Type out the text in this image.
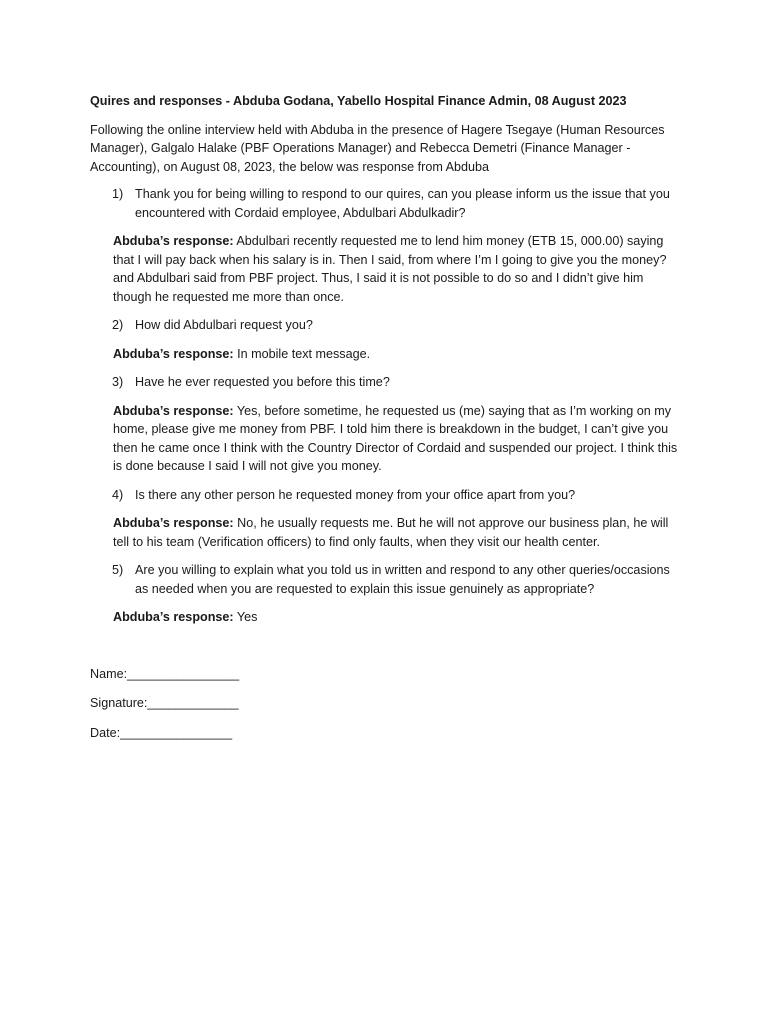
Quires and responses - Abduba Godana, Yabello Hospital Finance Admin, 08 August 2023
Following the online interview held with Abduba in the presence of Hagere Tsegaye (Human Resources Manager), Galgalo Halake (PBF Operations Manager) and Rebecca Demetri (Finance Manager - Accounting), on August 08, 2023, the below was response from Abduba
1) Thank you for being willing to respond to our quires, can you please inform us the issue that you encountered with Cordaid employee, Abdulbari Abdulkadir?
Abduba’s response: Abdulbari recently requested me to lend him money (ETB 15, 000.00) saying that I will pay back when his salary is in. Then I said, from where I’m I going to give you the money? and Abdulbari said from PBF project. Thus, I said it is not possible to do so and I didn’t give him though he requested me more than once.
2) How did Abdulbari request you?
Abduba’s response: In mobile text message.
3) Have he ever requested you before this time?
Abduba’s response: Yes, before sometime, he requested us (me) saying that as I’m working on my home, please give me money from PBF. I told him there is breakdown in the budget, I can’t give you then he came once I think with the Country Director of Cordaid and suspended our project. I think this is done because I said I will not give you money.
4) Is there any other person he requested money from your office apart from you?
Abduba’s response: No, he usually requests me. But he will not approve our business plan, he will tell to his team (Verification officers) to find only faults, when they visit our health center.
5) Are you willing to explain what you told us in written and respond to any other queries/occasions as needed when you are requested to explain this issue genuinely as appropriate?
Abduba’s response: Yes
Name:________________
Signature:_____________
Date:________________
